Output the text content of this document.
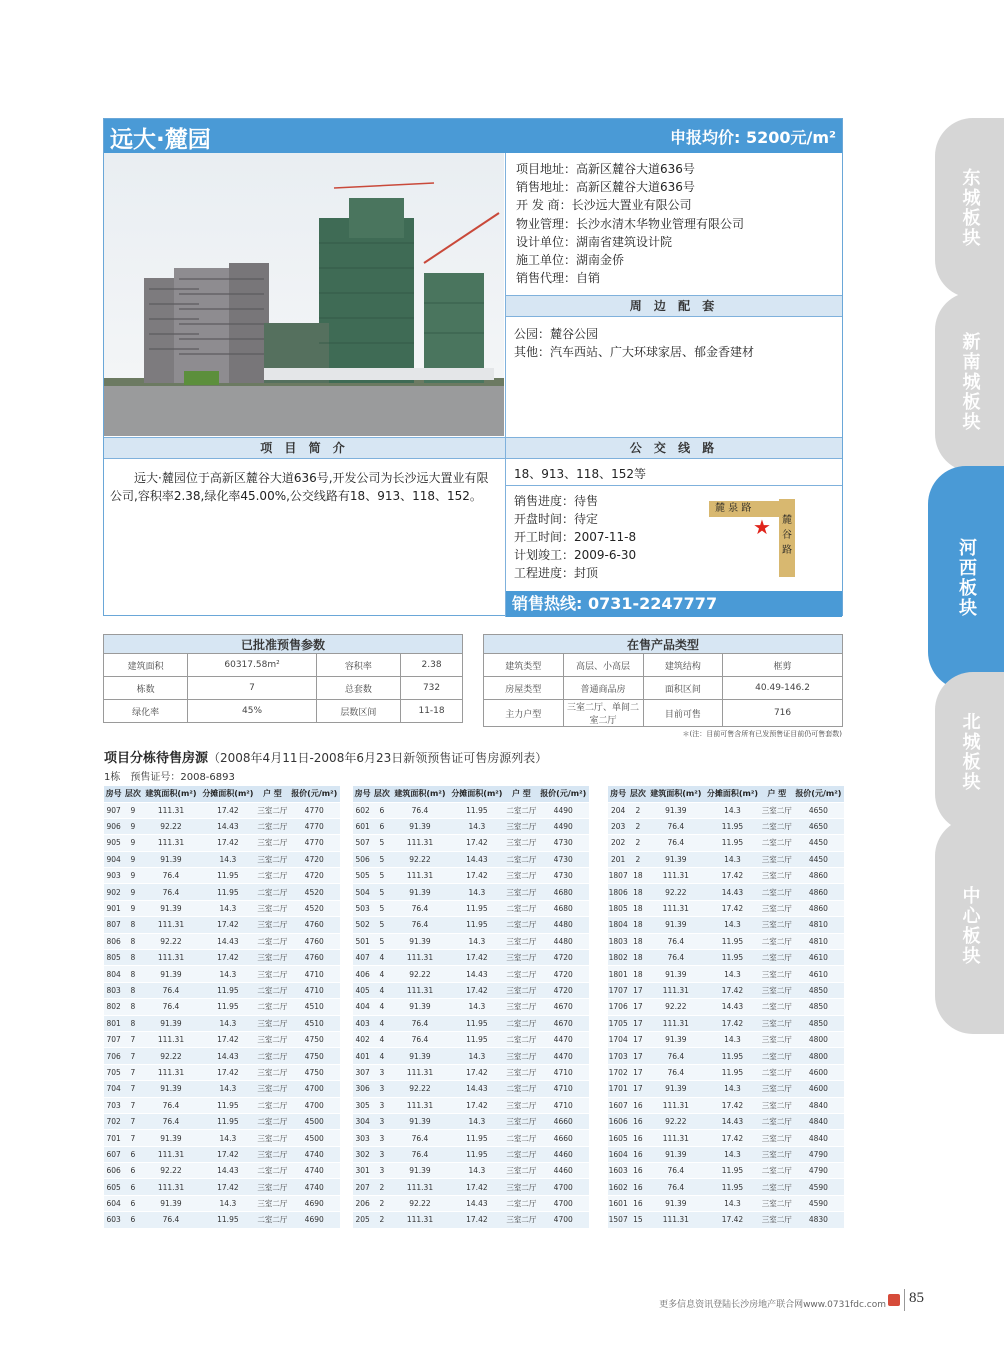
远大·麓园	申报均价: 5200元/m²
项目地址：高新区麓谷大道636号
销售地址：高新区麓谷大道636号
开 发 商：长沙远大置业有限公司
物业管理：长沙水清木华物业管理有限公司
设计单位：湖南省建筑设计院
施工单位：湖南金侨
销售代理：自销
周 边 配 套
公园：麓谷公园
其他：汽车西站、广大环球家居、郁金香建材
项 目 简 介	公 交 线 路
远大·麓园位于高新区麓谷大道636号,开发公司为长沙远大置业有限公司,容积率2.38,绿化率45.00%,公交线路有18、913、118、152。
18、913、118、152等
销售进度：待售
开盘时间：待定
开工时间：2007-11-8
计划竣工：2009-6-30
工程进度：封顶
麓 泉 路
麓谷路
★
销售热线: 0731-2247777
已批准预售参数			
建筑面积	60317.58m²	容积率	2.38
栋数	7	总套数	732
绿化率	45%	层数区间	11-18
在售产品类型			
建筑类型	高层、小高层	建筑结构	框剪
房屋类型	普通商品房	面积区间	40.49-146.2
主力户型	三室二厅、单间二室二厅	目前可售	716
＊(注：目前可售含所有已发预售证目前仍可售套数)
项目分栋待售房源（2008年4月11日-2008年6月23日新领预售证可售房源列表）
1栋　预售证号：2008-6893
房号	层次	建筑面积(m²)	分摊面积(m²)	户 型	报价(元/m²)
907	9	111.31	17.42	三室二厅	4770
906	9	92.22	14.43	二室二厅	4770
905	9	111.31	17.42	三室二厅	4770
904	9	91.39	14.3	三室二厅	4720
903	9	76.4	11.95	二室二厅	4720
902	9	76.4	11.95	二室二厅	4520
901	9	91.39	14.3	三室二厅	4520
807	8	111.31	17.42	三室二厅	4760
806	8	92.22	14.43	二室二厅	4760
805	8	111.31	17.42	三室二厅	4760
804	8	91.39	14.3	三室二厅	4710
803	8	76.4	11.95	二室二厅	4710
802	8	76.4	11.95	二室二厅	4510
801	8	91.39	14.3	三室二厅	4510
707	7	111.31	17.42	三室二厅	4750
706	7	92.22	14.43	二室二厅	4750
705	7	111.31	17.42	三室二厅	4750
704	7	91.39	14.3	三室二厅	4700
703	7	76.4	11.95	二室二厅	4700
702	7	76.4	11.95	二室二厅	4500
701	7	91.39	14.3	三室二厅	4500
607	6	111.31	17.42	三室二厅	4740
606	6	92.22	14.43	二室二厅	4740
605	6	111.31	17.42	三室二厅	4740
604	6	91.39	14.3	三室二厅	4690
603	6	76.4	11.95	二室二厅	4690
房号	层次	建筑面积(m²)	分摊面积(m²)	户 型	报价(元/m²)
602	6	76.4	11.95	二室二厅	4490
601	6	91.39	14.3	三室二厅	4490
507	5	111.31	17.42	三室二厅	4730
506	5	92.22	14.43	二室二厅	4730
505	5	111.31	17.42	三室二厅	4730
504	5	91.39	14.3	三室二厅	4680
503	5	76.4	11.95	二室二厅	4680
502	5	76.4	11.95	二室二厅	4480
501	5	91.39	14.3	三室二厅	4480
407	4	111.31	17.42	三室二厅	4720
406	4	92.22	14.43	二室二厅	4720
405	4	111.31	17.42	三室二厅	4720
404	4	91.39	14.3	三室二厅	4670
403	4	76.4	11.95	二室二厅	4670
402	4	76.4	11.95	二室二厅	4470
401	4	91.39	14.3	三室二厅	4470
307	3	111.31	17.42	三室二厅	4710
306	3	92.22	14.43	二室二厅	4710
305	3	111.31	17.42	三室二厅	4710
304	3	91.39	14.3	三室二厅	4660
303	3	76.4	11.95	二室二厅	4660
302	3	76.4	11.95	二室二厅	4460
301	3	91.39	14.3	三室二厅	4460
207	2	111.31	17.42	三室二厅	4700
206	2	92.22	14.43	二室二厅	4700
205	2	111.31	17.42	三室二厅	4700
房号	层次	建筑面积(m²)	分摊面积(m²)	户 型	报价(元/m²)
204	2	91.39	14.3	三室二厅	4650
203	2	76.4	11.95	二室二厅	4650
202	2	76.4	11.95	二室二厅	4450
201	2	91.39	14.3	三室二厅	4450
1807	18	111.31	17.42	三室二厅	4860
1806	18	92.22	14.43	二室二厅	4860
1805	18	111.31	17.42	三室二厅	4860
1804	18	91.39	14.3	三室二厅	4810
1803	18	76.4	11.95	二室二厅	4810
1802	18	76.4	11.95	二室二厅	4610
1801	18	91.39	14.3	三室二厅	4610
1707	17	111.31	17.42	三室二厅	4850
1706	17	92.22	14.43	二室二厅	4850
1705	17	111.31	17.42	三室二厅	4850
1704	17	91.39	14.3	三室二厅	4800
1703	17	76.4	11.95	二室二厅	4800
1702	17	76.4	11.95	二室二厅	4600
1701	17	91.39	14.3	三室二厅	4600
1607	16	111.31	17.42	三室二厅	4840
1606	16	92.22	14.43	二室二厅	4840
1605	16	111.31	17.42	三室二厅	4840
1604	16	91.39	14.3	三室二厅	4790
1603	16	76.4	11.95	二室二厅	4790
1602	16	76.4	11.95	二室二厅	4590
1601	16	91.39	14.3	三室二厅	4590
1507	15	111.31	17.42	三室二厅	4830
东城板块
新南城板块
河西板块
北城板块
中心板块
更多信息资讯登陆长沙房地产联合网www.0731fdc.com 85
